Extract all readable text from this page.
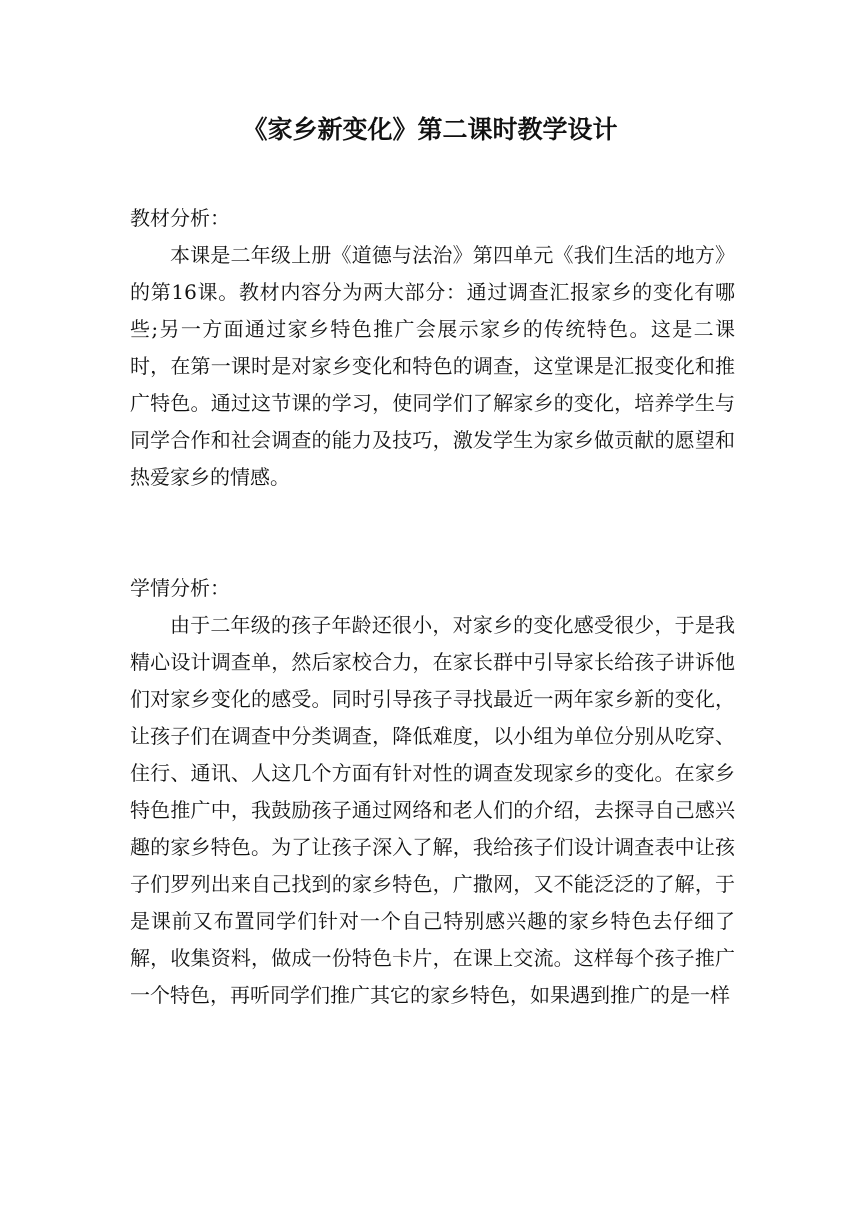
《家乡新变化》第二课时教学设计
教材分析：

本课是二年级上册《道德与法治》第四单元《我们生活的地方》的第16课。教材内容分为两大部分：通过调查汇报家乡的变化有哪些;另一方面通过家乡特色推广会展示家乡的传统特色。这是二课时，在第一课时是对家乡变化和特色的调查，这堂课是汇报变化和推广特色。通过这节课的学习，使同学们了解家乡的变化，培养学生与同学合作和社会调查的能力及技巧，激发学生为家乡做贡献的愿望和热爱家乡的情感。

学情分析：

由于二年级的孩子年龄还很小，对家乡的变化感受很少，于是我精心设计调查单，然后家校合力，在家长群中引导家长给孩子讲诉他们对家乡变化的感受。同时引导孩子寻找最近一两年家乡新的变化，让孩子们在调查中分类调查，降低难度，以小组为单位分别从吃穿、住行、通讯、人这几个方面有针对性的调查发现家乡的变化。在家乡特色推广中，我鼓励孩子通过网络和老人们的介绍，去探寻自己感兴趣的家乡特色。为了让孩子深入了解，我给孩子们设计调查表中让孩子们罗列出来自己找到的家乡特色，广撒网，又不能泛泛的了解，于是课前又布置同学们针对一个自己特别感兴趣的家乡特色去仔细了解，收集资料，做成一份特色卡片，在课上交流。这样每个孩子推广一个特色，再听同学们推广其它的家乡特色，如果遇到推广的是一样
